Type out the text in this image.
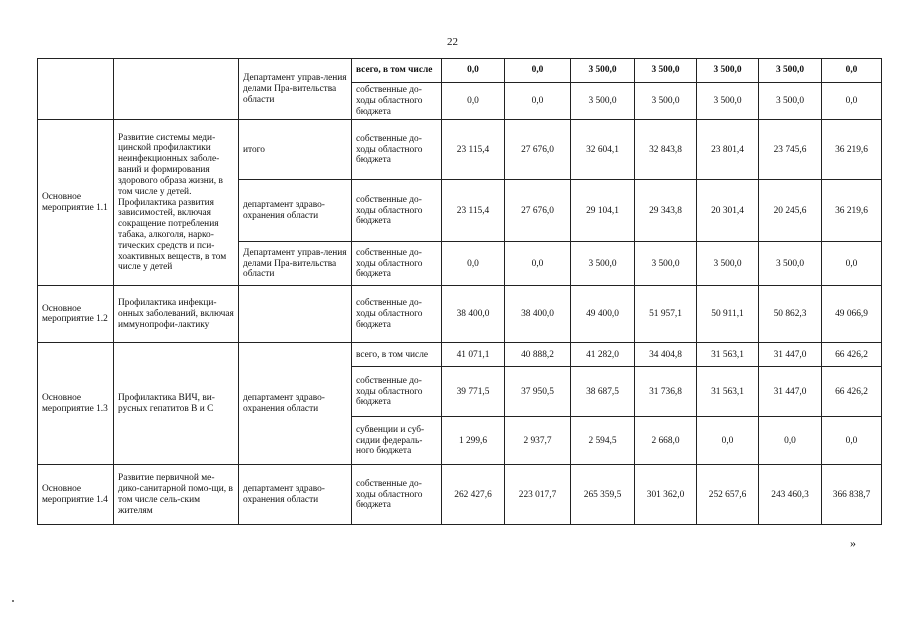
22
		Департамент управ-ления делами Пра-вительства области	всего, в том числе	0,0	0,0	3 500,0	3 500,0	3 500,0	3 500,0	0,0
			собственные до-ходы областного бюджета	0,0	0,0	3 500,0	3 500,0	3 500,0	3 500,0	0,0
Основное мероприятие 1.1	Развитие системы меди-цинской профилактики неинфекционных заболе-ваний и формирования здорового образа жизни, в том числе у детей. Профилактика развития зависимостей, включая сокращение потребления табака, алкоголя, нарко-тических средств и пси-хоактивных веществ, в том числе у детей	итого	собственные до-ходы областного бюджета	23 115,4	27 676,0	32 604,1	32 843,8	23 801,4	23 745,6	36 219,6
		департамент здраво-охранения области	собственные до-ходы областного бюджета	23 115,4	27 676,0	29 104,1	29 343,8	20 301,4	20 245,6	36 219,6
		Департамент управ-ления делами Пра-вительства области	собственные до-ходы областного бюджета	0,0	0,0	3 500,0	3 500,0	3 500,0	3 500,0	0,0
Основное мероприятие 1.2	Профилактика инфекци-онных заболеваний, включая иммунопрофи-лактику		собственные до-ходы областного бюджета	38 400,0	38 400,0	49 400,0	51 957,1	50 911,1	50 862,3	49 066,9
Основное мероприятие 1.3	Профилактика ВИЧ, ви-русных гепатитов В и С	департамент здраво-охранения области	всего, в том числе	41 071,1	40 888,2	41 282,0	34 404,8	31 563,1	31 447,0	66 426,2
			собственные до-ходы областного бюджета	39 771,5	37 950,5	38 687,5	31 736,8	31 563,1	31 447,0	66 426,2
			субвенции и суб-сидии федераль-ного бюджета	1 299,6	2 937,7	2 594,5	2 668,0	0,0	0,0	0,0
Основное мероприятие 1.4	Развитие первичной ме-дико-санитарной помо-щи, в том числе сель-ским жителям	департамент здраво-охранения области	собственные до-ходы областного бюджета	262 427,6	223 017,7	265 359,5	301 362,0	252 657,6	243 460,3	366 838,7
»
